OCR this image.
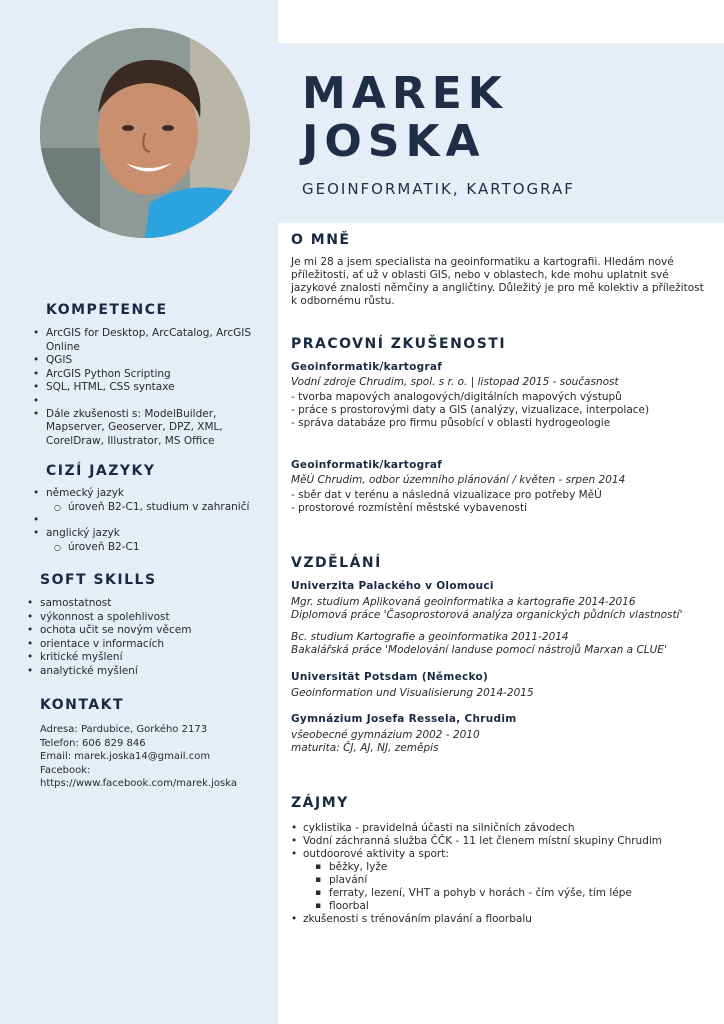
MAREK
JOSKA
GEOINFORMATIK, KARTOGRAF
KOMPETENCE
• ArcGIS for Desktop, ArcCatalog, ArcGIS Online
• QGIS
• ArcGIS Python Scripting
• SQL, HTML, CSS syntaxe
•
• Dále zkušenosti s: ModelBuilder, Mapserver, Geoserver, DPZ, XML, CorelDraw, Illustrator, MS Office
CIZÍ JAZYKY
• německý jazyk
○ úroveň B2-C1, studium v zahraničí
•
• anglický jazyk
○ úroveň B2-C1
SOFT SKILLS
• samostatnost
• výkonnost a spolehlivost
• ochota učit se novým věcem
• orientace v informacích
• kritické myšlení
• analytické myšlení
KONTAKT
Adresa: Pardubice, Gorkého 2173
Telefon: 606 829 846
Email: marek.joska14@gmail.com
Facebook:
https://www.facebook.com/marek.joska
O MNĚ
Je mi 28 a jsem specialista na geoinformatiku a kartografii. Hledám nové příležitosti, ať už v oblasti GIS, nebo v oblastech, kde mohu uplatnit své jazykové znalosti němčiny a angličtiny. Důležitý je pro mě kolektiv a příležitost k odbornému růstu.
PRACOVNÍ ZKUŠENOSTI
Geoinformatik/kartograf
Vodní zdroje Chrudim, spol. s r. o. | listopad 2015 - současnost
- tvorba mapových analogových/digitálních mapových výstupů
- práce s prostorovými daty a GIS (analýzy, vizualizace, interpolace)
- správa databáze pro firmu působící v oblasti hydrogeologie
Geoinformatik/kartograf
MěÚ Chrudim, odbor územního plánování / květen - srpen 2014
- sběr dat v terénu a následná vizualizace pro potřeby MěÚ
- prostorové rozmístění městské vybavenosti
VZDĚLÁNÍ
Univerzita Palackého v Olomouci
Mgr. studium Aplikovaná geoinformatika a kartografie 2014-2016
Diplomová práce 'Časoprostorová analýza organických půdních vlastností'
Bc. studium Kartografie a geoinformatika 2011-2014
Bakalářská práce 'Modelování landuse pomocí nástrojů Marxan a CLUE'
Universität Potsdam (Německo)
Geoinformation und Visualisierung 2014-2015
Gymnázium Josefa Ressela, Chrudim
všeobecné gymnázium 2002 - 2010
maturita: ČJ, AJ, NJ, zeměpis
ZÁJMY
• cyklistika - pravidelná účasti na silničních závodech
• Vodní záchranná služba ČČK - 11 let členem místní skupiny Chrudim
• outdoorové aktivity a sport:
▪ běžky, lyže
▪ plavání
▪ ferraty, lezení, VHT a pohyb v horách - čím výše, tím lépe
▪ floorbal
• zkušenosti s trénováním plavání a floorbalu
